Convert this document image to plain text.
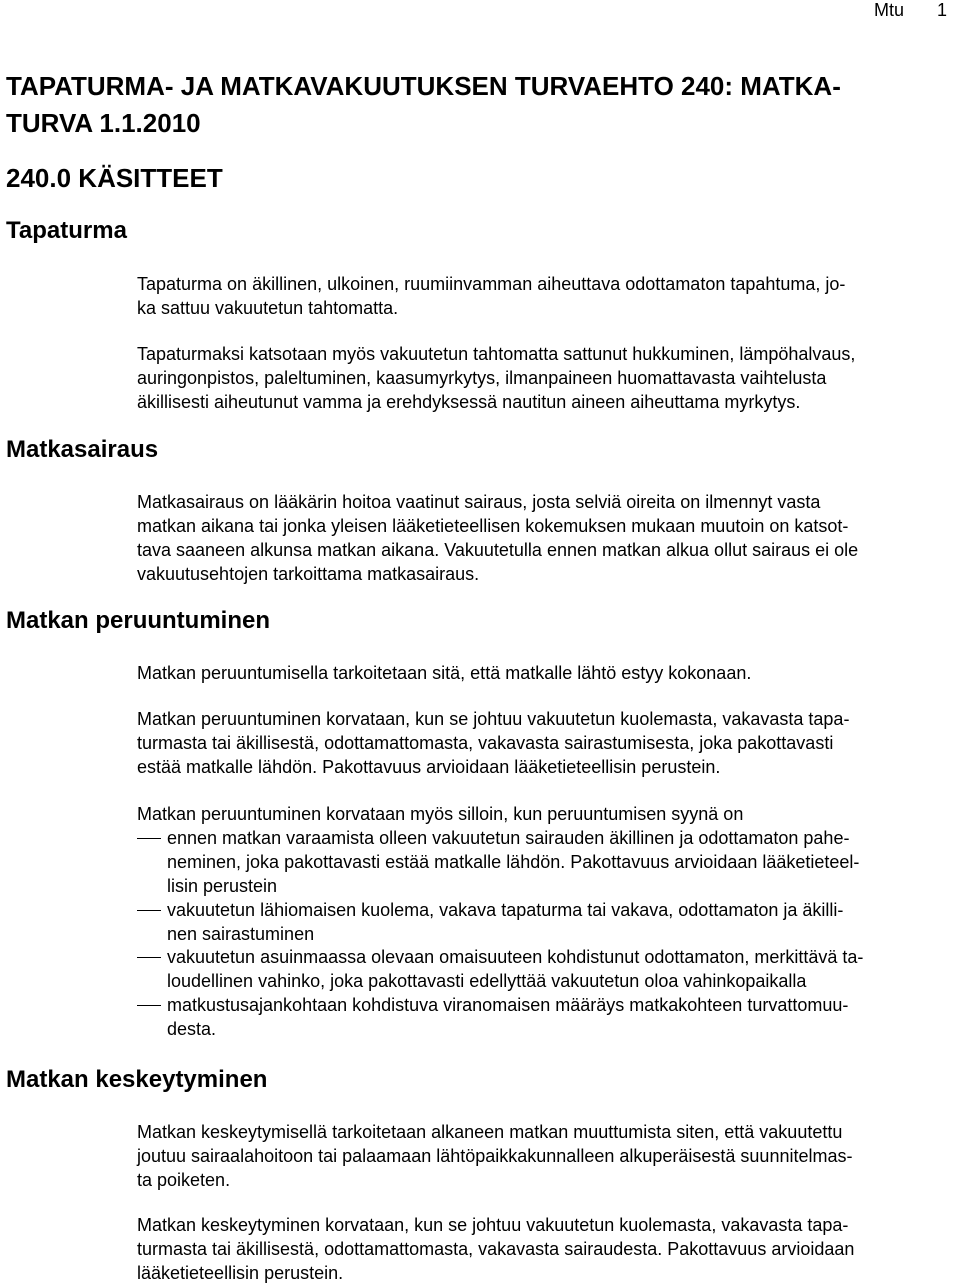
Mtu 1
TAPATURMA- JA MATKAVAKUUTUKSEN TURVAEHTO 240: MATKA-
TURVA 1.1.2010
240.0 KÄSITTEET
Tapaturma

Tapaturma on äkillinen, ulkoinen, ruumiinvamman aiheuttava odottamaton tapahtuma, jo-

ka sattuu vakuutetun tahtomatta.

Tapaturmaksi katsotaan myös vakuutetun tahtomatta sattunut hukkuminen, lämpöhalvaus,

auringonpistos, paleltuminen, kaasumyrkytys, ilmanpaineen huomattavasta vaihtelusta

äkillisesti aiheutunut vamma ja erehdyksessä nautitun aineen aiheuttama myrkytys.

Matkasairaus

Matkasairaus on lääkärin hoitoa vaatinut sairaus, josta selviä oireita on ilmennyt vasta

matkan aikana tai jonka yleisen lääketieteellisen kokemuksen mukaan muutoin on katsot-

tava saaneen alkunsa matkan aikana. Vakuutetulla ennen matkan alkua ollut sairaus ei ole

vakuutusehtojen tarkoittama matkasairaus.

Matkan peruuntuminen

Matkan peruuntumisella tarkoitetaan sitä, että matkalle lähtö estyy kokonaan.

Matkan peruuntuminen korvataan, kun se johtuu vakuutetun kuolemasta, vakavasta tapa-

turmasta tai äkillisestä, odottamattomasta, vakavasta sairastumisesta, joka pakottavasti

estää matkalle lähdön. Pakottavuus arvioidaan lääketieteellisin perustein.

Matkan peruuntuminen korvataan myös silloin, kun peruuntumisen syynä on

ennen matkan varaamista olleen vakuutetun sairauden äkillinen ja odottamaton pahe-
neminen, joka pakottavasti estää matkalle lähdön. Pakottavuus arvioidaan lääketieteel-
lisin perustein
vakuutetun lähiomaisen kuolema, vakava tapaturma tai vakava, odottamaton ja äkilli-
nen sairastuminen
vakuutetun asuinmaassa olevaan omaisuuteen kohdistunut odottamaton, merkittävä ta-
loudellinen vahinko, joka pakottavasti edellyttää vakuutetun oloa vahinkopaikalla
matkustusajankohtaan kohdistuva viranomaisen määräys matkakohteen turvattomuu-
desta.
Matkan keskeytyminen

Matkan keskeytymisellä tarkoitetaan alkaneen matkan muuttumista siten, että vakuutettu

joutuu sairaalahoitoon tai palaamaan lähtöpaikkakunnalleen alkuperäisestä suunnitelmas-

ta poiketen.

Matkan keskeytyminen korvataan, kun se johtuu vakuutetun kuolemasta, vakavasta tapa-

turmasta tai äkillisestä, odottamattomasta, vakavasta sairaudesta. Pakottavuus arvioidaan

lääketieteellisin perustein.
